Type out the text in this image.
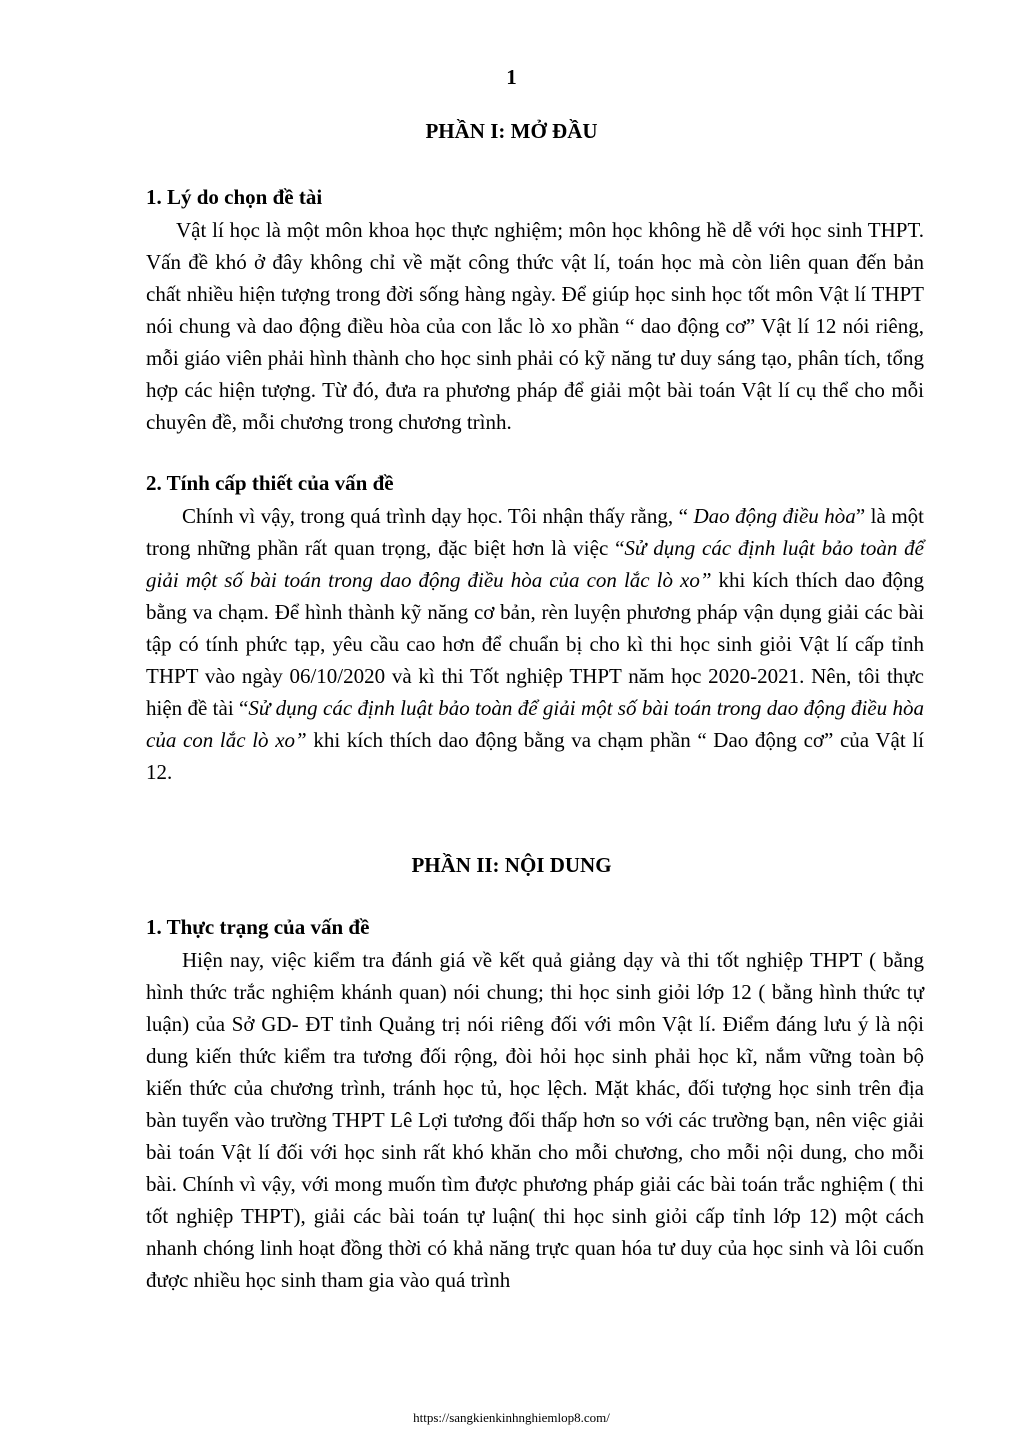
1
PHẦN I: MỞ ĐẦU
1. Lý do chọn đề tài
Vật lí học là một môn khoa học thực nghiệm; môn học không hề dễ với học sinh THPT. Vấn đề khó ở đây không chỉ về mặt công thức vật lí, toán học mà còn liên quan đến bản chất nhiều hiện tượng trong đời sống hàng ngày. Để giúp học sinh học tốt môn Vật lí THPT nói chung và dao động điều hòa của con lắc lò xo phần “ dao động cơ” Vật lí 12 nói riêng, mỗi giáo viên phải hình thành cho học sinh phải có kỹ năng tư duy sáng tạo, phân tích, tổng hợp các hiện tượng. Từ đó, đưa ra phương pháp để giải một bài toán Vật lí cụ thể cho mỗi chuyên đề, mỗi chương trong chương trình.
2. Tính cấp thiết của vấn đề
Chính vì vậy, trong quá trình dạy học. Tôi nhận thấy rằng, “ Dao động điều hòa” là một trong những phần rất quan trọng, đặc biệt hơn là việc “Sử dụng các định luật bảo toàn để giải một số bài toán trong dao động điều hòa của con lắc lò xo” khi kích thích dao động bằng va chạm. Để hình thành kỹ năng cơ bản, rèn luyện phương pháp vận dụng giải các bài tập có tính phức tạp, yêu cầu cao hơn để chuẩn bị cho kì thi học sinh giỏi Vật lí cấp tỉnh THPT vào ngày 06/10/2020 và kì thi Tốt nghiệp THPT năm học 2020-2021. Nên, tôi thực hiện đề tài “Sử dụng các định luật bảo toàn để giải một số bài toán trong dao động điều hòa của con lắc lò xo” khi kích thích dao động bằng va chạm phần “ Dao động cơ” của Vật lí 12.
PHẦN II: NỘI DUNG
1. Thực trạng của vấn đề
Hiện nay, việc kiểm tra đánh giá về kết quả giảng dạy và thi tốt nghiệp THPT ( bằng hình thức trắc nghiệm khánh quan) nói chung; thi học sinh giỏi lớp 12 ( bằng hình thức tự luận) của Sở GD- ĐT tỉnh Quảng trị nói riêng đối với môn Vật lí. Điểm đáng lưu ý là nội dung kiến thức kiểm tra tương đối rộng, đòi hỏi học sinh phải học kĩ, nắm vững toàn bộ kiến thức của chương trình, tránh học tủ, học lệch. Mặt khác, đối tượng học sinh trên địa bàn tuyển vào trường THPT Lê Lợi tương đối thấp hơn so với các trường bạn, nên việc giải bài toán Vật lí đối với học sinh rất khó khăn cho mỗi chương, cho mỗi nội dung, cho mỗi bài. Chính vì vậy, với mong muốn tìm được phương pháp giải các bài toán trắc nghiệm ( thi tốt nghiệp THPT), giải các bài toán tự luận( thi học sinh giỏi cấp tỉnh lớp 12) một cách nhanh chóng linh hoạt đồng thời có khả năng trực quan hóa tư duy của học sinh và lôi cuốn được nhiều học sinh tham gia vào quá trình
https://sangkienkinhnghiemlop8.com/
